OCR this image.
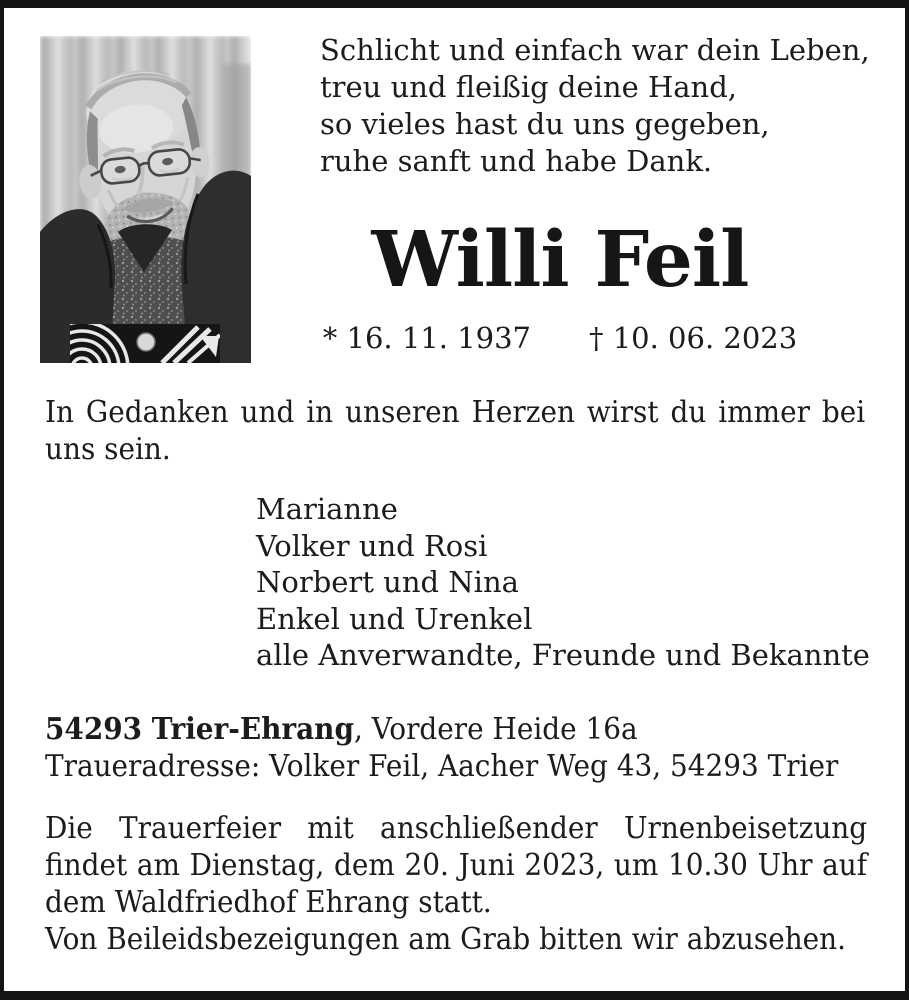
Schlicht und einfach war dein Leben,
treu und fleißig deine Hand,
so vieles hast du uns gegeben,
ruhe sanft und habe Dank.
Willi Feil
* 16. 11. 1937 † 10. 06. 2023
In Gedanken und in unseren Herzen wirst du immer bei
uns sein.
Marianne
Volker und Rosi
Norbert und Nina
Enkel und Urenkel
alle Anverwandte, Freunde und Bekannte
54293 Trier-Ehrang, Vordere Heide 16a
Traueradresse: Volker Feil, Aacher Weg 43, 54293 Trier
Die Trauerfeier mit anschließender Urnenbeisetzung
findet am Dienstag, dem 20. Juni 2023, um 10.30 Uhr auf
dem Waldfriedhof Ehrang statt.
Von Beileidsbezeigungen am Grab bitten wir abzusehen.
